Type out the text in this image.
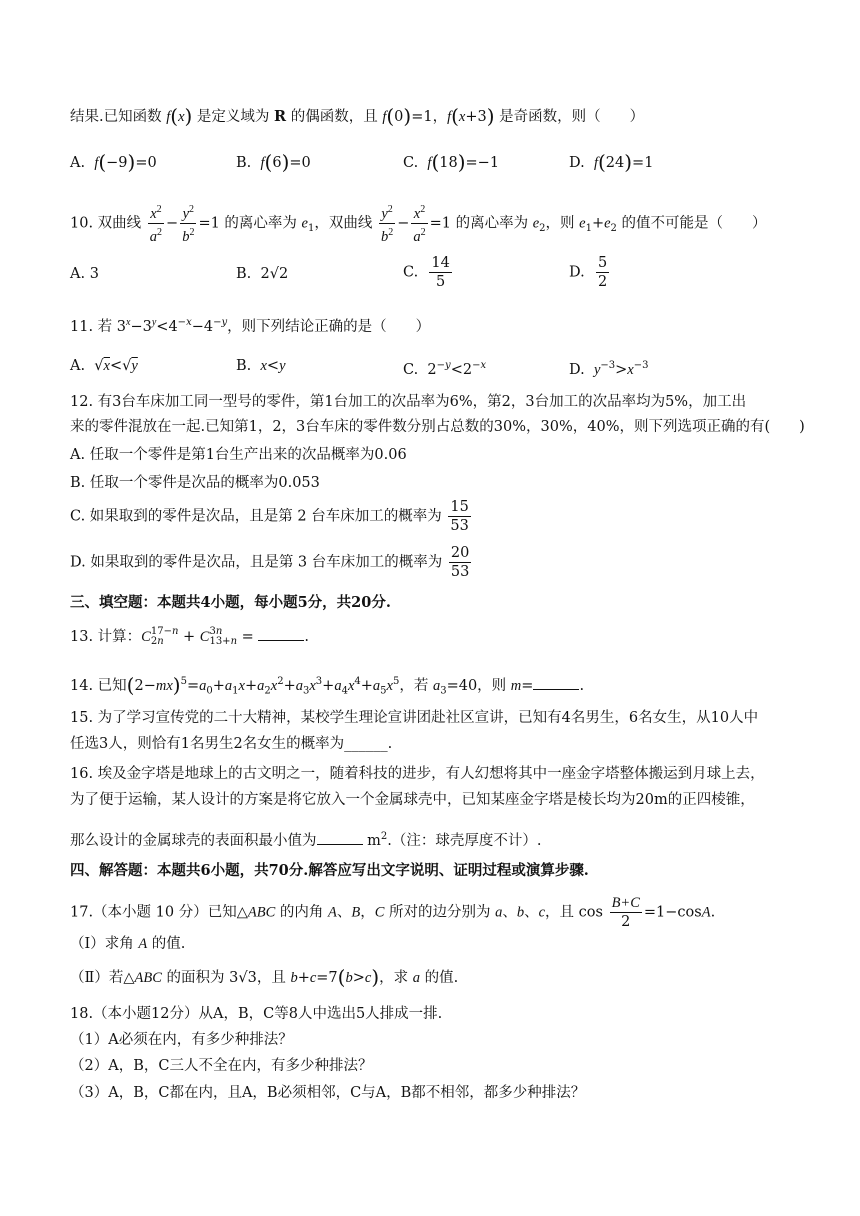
结果.已知函数 f(x) 是定义域为 R 的偶函数，且 f(0)=1，f(x+3) 是奇函数，则（　　）
A.  f(−9)=0	B.  f(6)=0	C.  f(18)=−1	D.  f(24)=1
10. 双曲线 $\frac{x^2}{a^2} - \frac{y^2}{b^2} =1$ 的离心率为 $e_1$，双曲线 $\frac{y^2}{b^2} - \frac{x^2}{a^2} =1$ 的离心率为 $e_2$，则 $e_1+e_2$ 的值不可能是（　　）
A. 3	B.  2√2	C. $\frac{14}{5}$	D. $\frac{5}{2}$
11. 若 $3^x-3^y<4^{-x}-4^{-y}$，则下列结论正确的是（　　）
A.  √x<√y	B.  x<y	C.  $2^{-y}<2^{-x}$	D.  $y^{-3}>x^{-3}$
12. 有3台车床加工同一型号的零件，第1台加工的次品率为6%，第2，3台加工的次品率均为5%，加工出
来的零件混放在一起.已知第1，2，3台车床的零件数分别占总数的30%，30%，40%，则下列选项正确的有(　　)
A. 任取一个零件是第1台生产出来的次品概率为0.06
B. 任取一个零件是次品的概率为0.053
C. 如果取到的零件是次品，且是第 2 台车床加工的概率为 $\frac{15}{53}$
D. 如果取到的零件是次品，且是第 3 台车床加工的概率为 $\frac{20}{53}$
三、填空题：本题共4小题，每小题5分，共20分.
13. 计算：C 17−n
2n	+ C 3n
13+n =	.
14. 已知$(2-mx)^5=a_0+a_1x+a_2x^2+a_3x^3+a_4x^4+a_5x^5$，若 $a_3=40$，则 m=	.
15. 为了学习宣传党的二十大精神，某校学生理论宣讲团赴社区宣讲，已知有4名男生，6名女生，从10人中
任选3人，则恰有1名男生2名女生的概率为______.
16. 埃及金字塔是地球上的古文明之一，随着科技的进步，有人幻想将其中一座金字塔整体搬运到月球上去，
为了便于运输，某人设计的方案是将它放入一个金属球壳中，已知某座金字塔是棱长均为20m的正四棱锥，
那么设计的金属球壳的表面积最小值为	$m^2$.（注：球壳厚度不计）.
四、解答题：本题共6小题，共70分.解答应写出文字说明、证明过程或演算步骤.
17.（本小题 10 分）已知△ABC 的内角 A、B，C 所对的边分别为 a、b、c，且 $\cos \frac{B+C}{2} =1-\cos A$.
（Ⅰ）求角 A 的值.
（Ⅱ）若△ABC 的面积为 3√3，且 b+c=7(b>c)，求 a 的值.
18.（本小题12分）从A，B，C等8人中选出5人排成一排.
（1）A必须在内，有多少种排法？
（2）A，B，C三人不全在内，有多少种排法？
（3）A，B，C都在内，且A，B必须相邻，C与A，B都不相邻，都多少种排法？
